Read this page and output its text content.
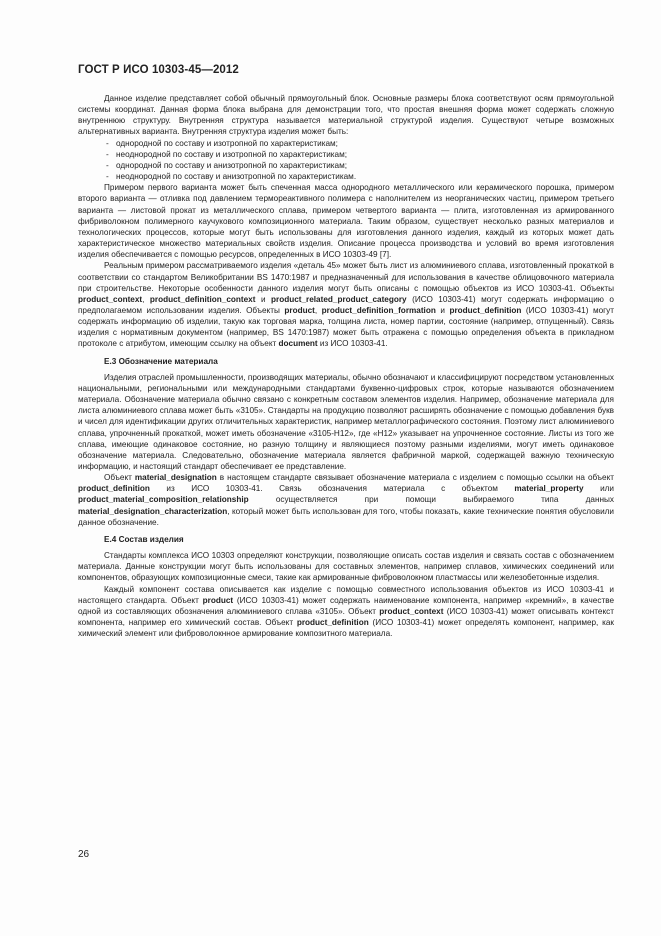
ГОСТ Р ИСО 10303-45—2012

Данное изделие представляет собой обычный прямоугольный блок. Основные размеры блока соответствуют осям прямоугольной системы координат. Данная форма блока выбрана для демонстрации того, что простая внешняя форма может содержать сложную внутреннюю структуру. Внутренняя структура называется материальной структурой изделия. Существуют четыре возможных альтернативных варианта. Внутренняя структура изделия может быть:

- однородной по составу и изотропной по характеристикам;
- неоднородной по составу и изотропной по характеристикам;
- однородной по составу и анизотропной по характеристикам;
- неоднородной по составу и анизотропной по характеристикам.

Примером первого варианта может быть спеченная масса однородного металлического или керамического порошка, примером второго варианта — отливка под давлением термореактивного полимера с наполнителем из неорганических частиц, примером третьего варианта — листовой прокат из металлического сплава, примером четвертого варианта — плита, изготовленная из армированного фибриволокном полимерного каучукового композиционного материала. Таким образом, существует несколько разных материалов и технологических процессов, которые могут быть использованы для изготовления данного изделия, каждый из которых может дать характеристическое множество материальных свойств изделия. Описание процесса производства и условий во время изготовления изделия обеспечивается с помощью ресурсов, определенных в ИСО 10303-49 [7].

Реальным примером рассматриваемого изделия «деталь 45» может быть лист из алюминиевого сплава, изготовленный прокаткой в соответствии со стандартом Великобритании BS 1470:1987 и предназначенный для использования в качестве облицовочного материала при строительстве. Некоторые особенности данного изделия могут быть описаны с помощью объектов из ИСО 10303-41. Объекты product_context, product_definition_context и product_related_product_category (ИСО 10303-41) могут содержать информацию о предполагаемом использовании изделия. Объекты product, product_definition_formation и product_definition (ИСО 10303-41) могут содержать информацию об изделии, такую как торговая марка, толщина листа, номер партии, состояние (например, отпущенный). Связь изделия с нормативным документом (например, BS 1470:1987) может быть отражена с помощью определения объекта в прикладном протоколе с атрибутом, имеющим ссылку на объект document из ИСО 10303-41.

Е.3 Обозначение материала

Изделия отраслей промышленности, производящих материалы, обычно обозначают и классифицируют посредством установленных национальными, региональными или международными стандартами буквенно-цифровых строк, которые называются обозначением материала. Обозначение материала обычно связано с конкретным составом элементов изделия. Например, обозначение материала для листа алюминиевого сплава может быть «3105». Стандарты на продукцию позволяют расширять обозначение с помощью добавления букв и чисел для идентификации других отличительных характеристик, например металлографического состояния. Поэтому лист алюминиевого сплава, упрочненный прокаткой, может иметь обозначение «3105-H12», где «H12» указывает на упрочненное состояние. Листы из того же сплава, имеющие одинаковое состояние, но разную толщину и являющиеся поэтому разными изделиями, могут иметь одинаковое обозначение материала. Следовательно, обозначение материала является фабричной маркой, содержащей важную техническую информацию, и настоящий стандарт обеспечивает ее представление.

Объект material_designation в настоящем стандарте связывает обозначение материала с изделием с помощью ссылки на объект product_definition из ИСО 10303-41. Связь обозначения материала с объектом material_property или product_material_composition_relationship осуществляется при помощи выбираемого типа данных material_designation_characterization, который может быть использован для того, чтобы показать, какие технические понятия обусловили данное обозначение.

Е.4 Состав изделия

Стандарты комплекса ИСО 10303 определяют конструкции, позволяющие описать состав изделия и связать состав с обозначением материала. Данные конструкции могут быть использованы для составных элементов, например сплавов, химических соединений или компонентов, образующих композиционные смеси, такие как армированные фиброволокном пластмассы или железобетонные изделия.

Каждый компонент состава описывается как изделие с помощью совместного использования объектов из ИСО 10303-41 и настоящего стандарта. Объект product (ИСО 10303-41) может содержать наименование компонента, например «кремний», в качестве одной из составляющих обозначения алюминиевого сплава «3105». Объект product_context (ИСО 10303-41) может описывать контекст компонента, например его химический состав. Объект product_definition (ИСО 10303-41) может определять компонент, например, как химический элемент или фиброволокнное армирование композитного материала.

26
